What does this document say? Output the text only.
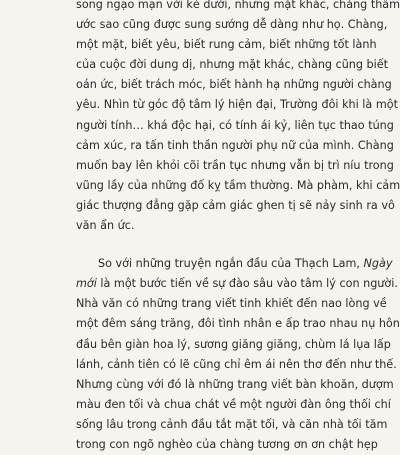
song ngạo mạn với kẻ dưới, nhưng mặt khác, chàng thầm
ước sao cũng được sung sướng dễ dàng như họ. Chàng,
một mặt, biết yêu, biết rung cảm, biết những tốt lành
của cuộc đời dung dị, nhưng mặt khác, chàng cũng biết
oán ức, biết trách móc, biết hành hạ những người chàng
yêu. Nhìn từ góc độ tâm lý hiện đại, Trường đôi khi là một
người tính… khá độc hại, có tính ái kỷ, liên tục thao túng
cảm xúc, ra tấn tinh thần người phụ nữ của mình. Chàng
muốn bay lên khỏi cõi trần tục nhưng vẫn bị trì níu trong
vũng lầy của những đố kỵ tầm thường. Mà phàm, khi cảm
giác thượng đẳng gặp cảm giác ghen tị sẽ nảy sinh ra vô
văn ẩn ức.
So với những truyện ngắn đầu của Thạch Lam, Ngày
mới là một bước tiến về sự đào sâu vào tâm lý con người.
Nhà văn có những trang viết tinh khiết đến nao lòng về
một đêm sáng trăng, đôi tình nhân e ấp trao nhau nụ hôn
đầu bên giàn hoa lý, sương giăng giăng, chùm lá lụa lấp
lánh, cảnh tiên có lẽ cũng chỉ êm ái nên thơ đến như thế.
Nhưng cùng với đó là những trang viết bàn khoăn, dượm
màu đen tối và chua chát về một người đàn ông thối chí
sống lâu trong cảnh đầu tắt mặt tối, và căn nhà tối tăm
trong con ngõ nghèo của chàng tương ơn ơn chật hẹp
